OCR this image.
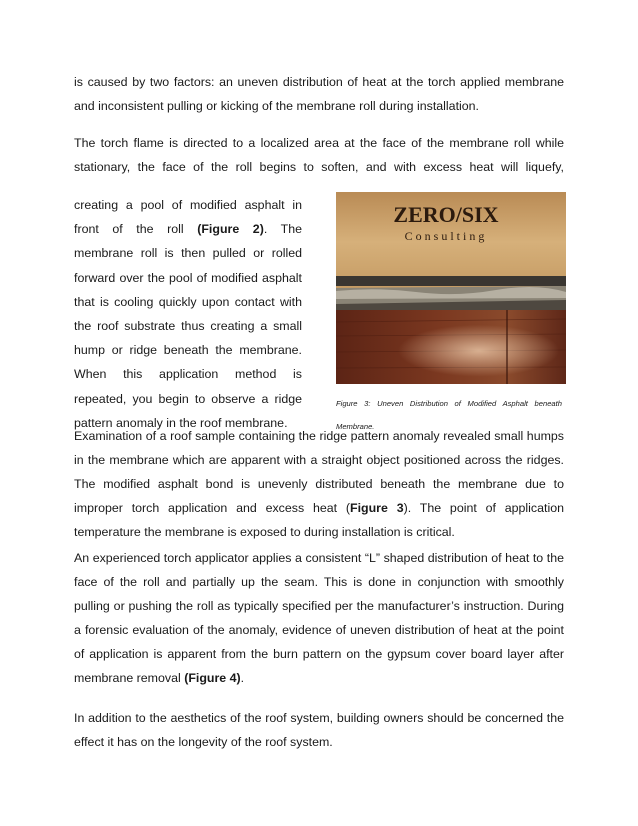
is caused by two factors: an uneven distribution of heat at the torch applied membrane and inconsistent pulling or kicking of the membrane roll during installation.

The torch flame is directed to a localized area at the face of the membrane roll while stationary, the face of the roll begins to soften, and with excess heat will liquefy,

creating a pool of modified asphalt in front of the roll (Figure 2). The membrane roll is then pulled or rolled forward over the pool of modified asphalt that is cooling quickly upon contact with the roof substrate thus creating a small hump or ridge beneath the membrane. When this application method is repeated, you begin to observe a ridge pattern anomaly in the roof membrane.

ZERO/SIX
Consulting

Figure 3: Uneven Distribution of Modified Asphalt beneath Membrane.

Examination of a roof sample containing the ridge pattern anomaly revealed small humps in the membrane which are apparent with a straight object positioned across the ridges. The modified asphalt bond is unevenly distributed beneath the membrane due to improper torch application and excess heat (Figure 3). The point of application temperature the membrane is exposed to during installation is critical.

An experienced torch applicator applies a consistent “L” shaped distribution of heat to the face of the roll and partially up the seam. This is done in conjunction with smoothly pulling or pushing the roll as typically specified per the manufacturer’s instruction. During a forensic evaluation of the anomaly, evidence of uneven distribution of heat at the point of application is apparent from the burn pattern on the gypsum cover board layer after membrane removal (Figure 4).

In addition to the aesthetics of the roof system, building owners should be concerned the effect it has on the longevity of the roof system.
